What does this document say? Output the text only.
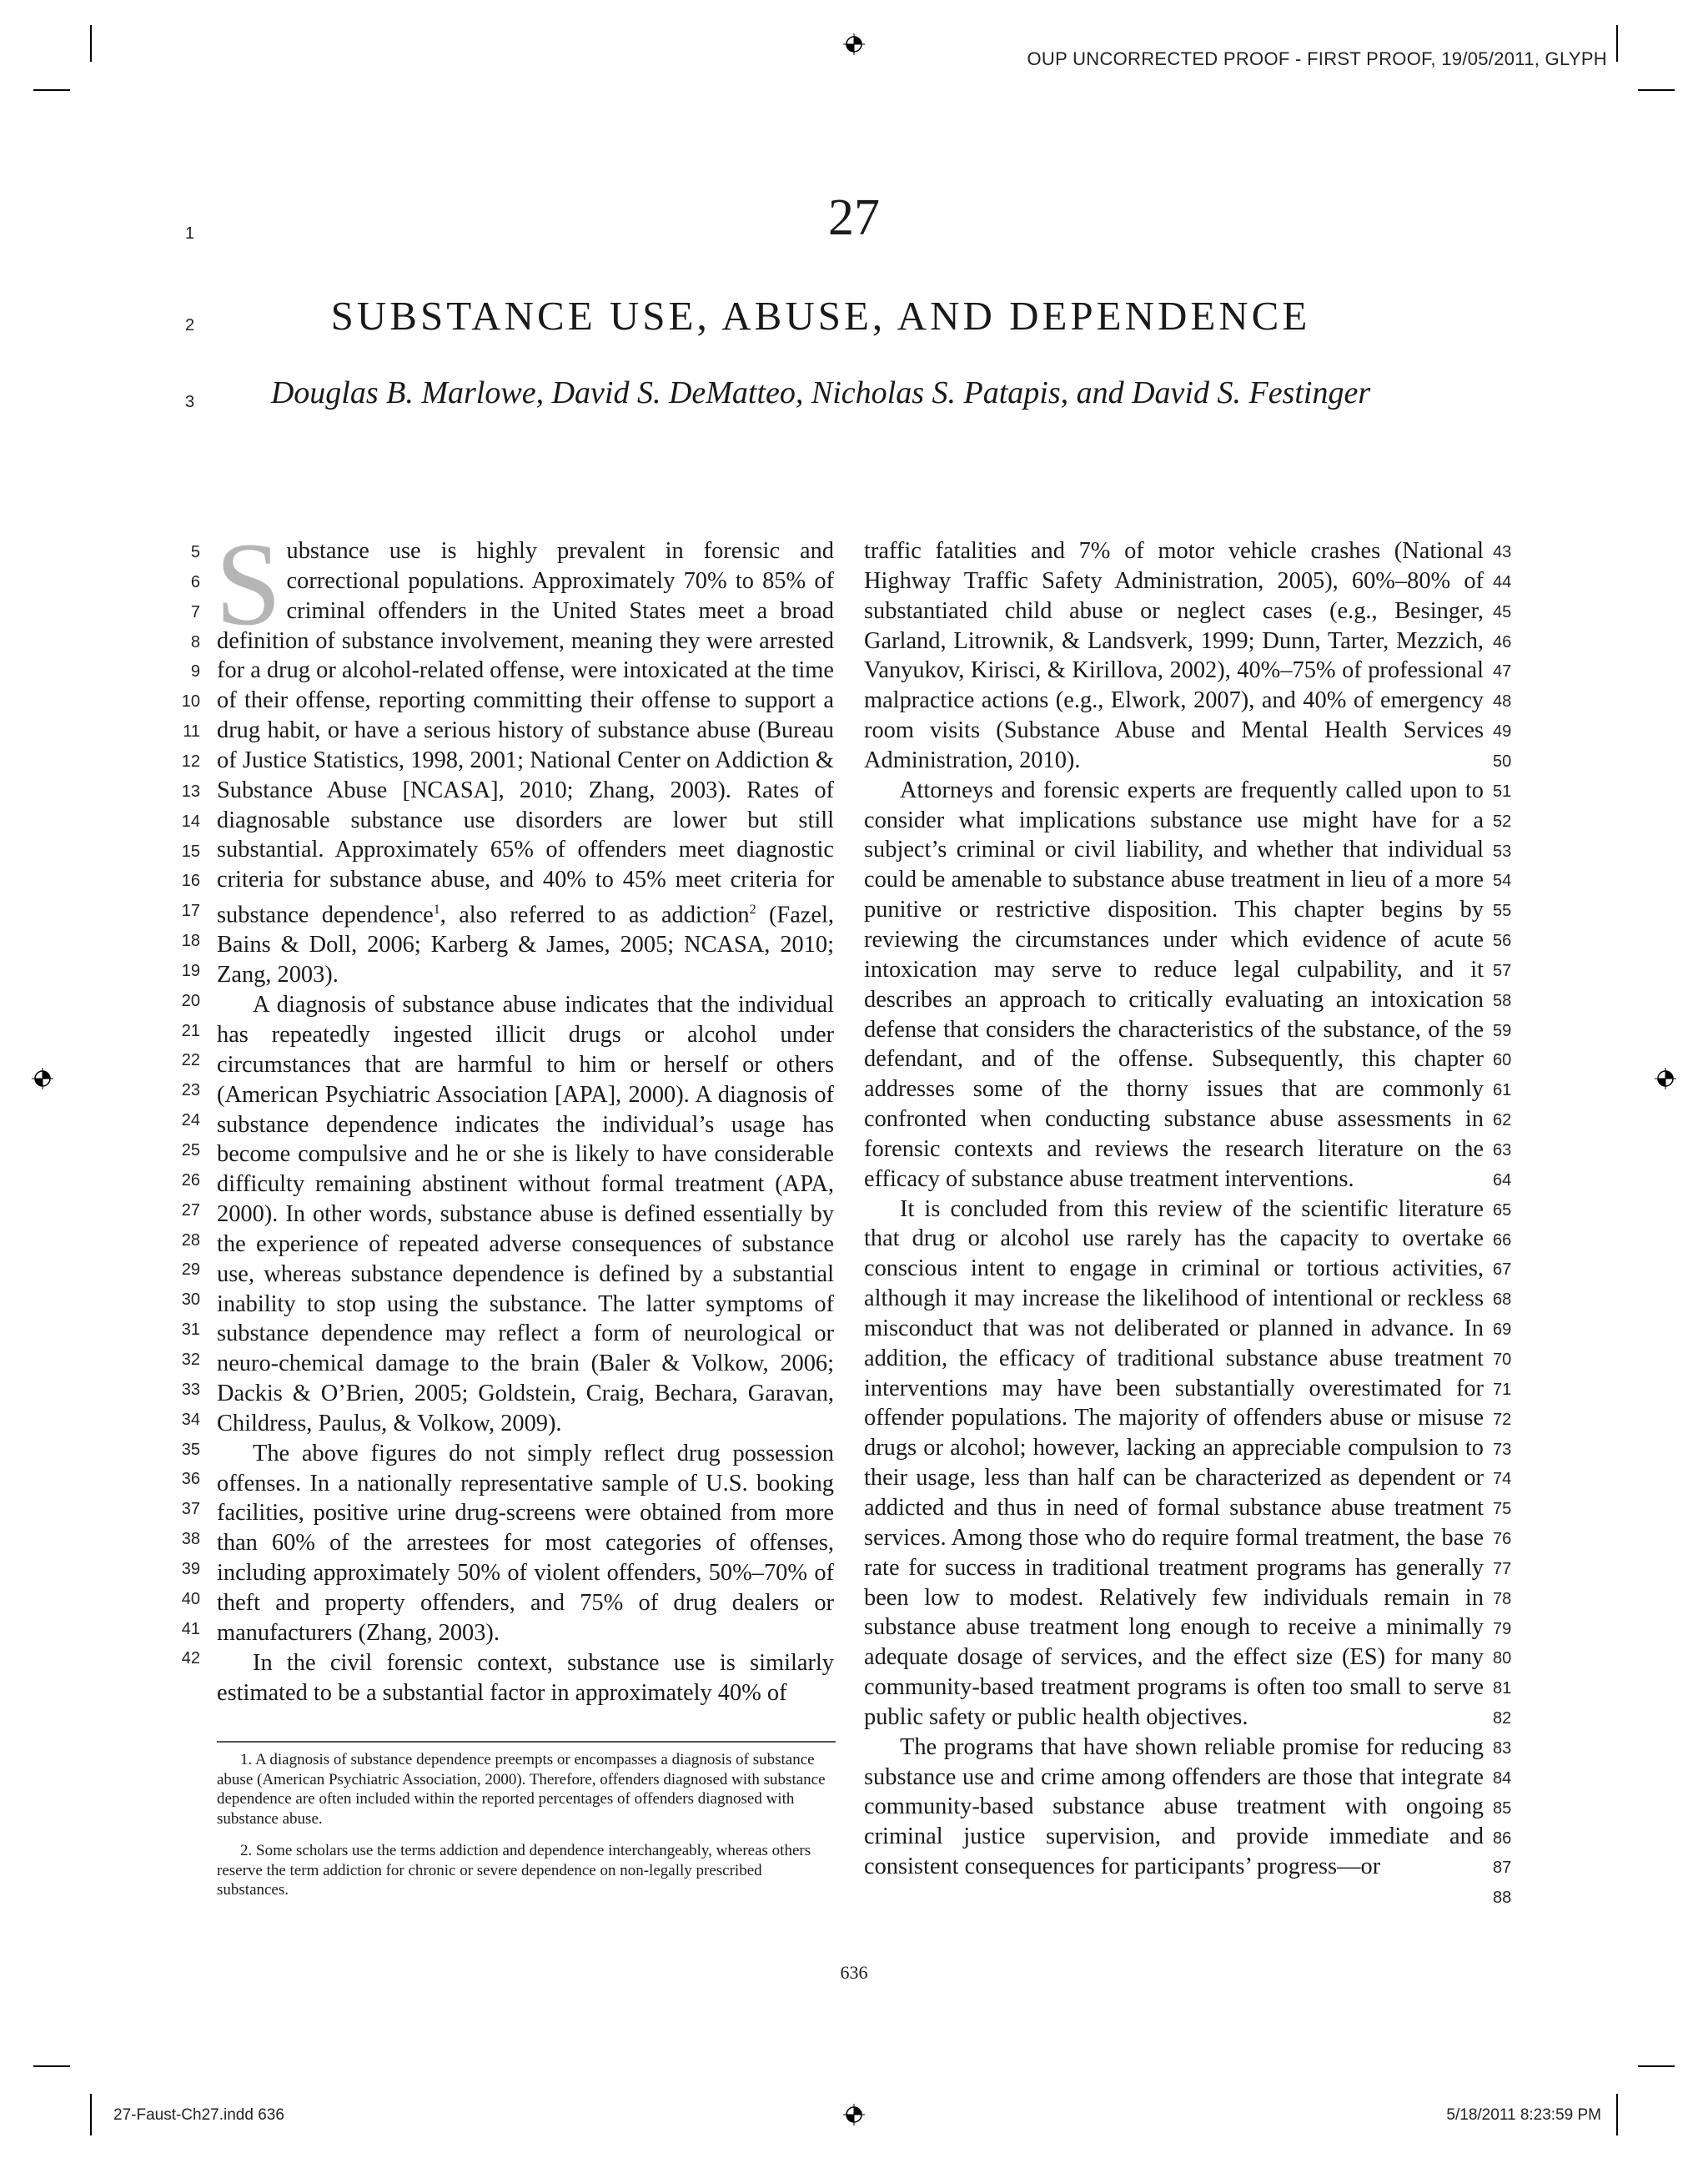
OUP UNCORRECTED PROOF - FIRST PROOF, 19/05/2011, GLYPH
27
SUBSTANCE USE, ABUSE, AND DEPENDENCE
Douglas B. Marlowe, David S. DeMatteo, Nicholas S. Patapis, and David S. Festinger
1
2
3
5
6
7
8
9
10
11
12
13
14
15
16
17
18
19
20
21
22
23
24
25
26
27
28
29
30
31
32
33
34
35
36
37
38
39
40
41
42
43
44
45
46
47
48
49
50
51
52
53
54
55
56
57
58
59
60
61
62
63
64
65
66
67
68
69
70
71
72
73
74
75
76
77
78
79
80
81
82
83
84
85
86
87
88

Substance use is highly prevalent in forensic and correctional populations. Approximately 70% to 85% of criminal offenders in the United States meet a broad definition of substance involvement, meaning they were arrested for a drug or alcohol-related offense, were intoxicated at the time of their offense, reporting committing their offense to support a drug habit, or have a serious history of substance abuse (Bureau of Justice Statistics, 1998, 2001; National Center on Addiction & Substance Abuse [NCASA], 2010; Zhang, 2003). Rates of diagnosable substance use disorders are lower but still substantial. Approximately 65% of offenders meet diagnostic criteria for substance abuse, and 40% to 45% meet criteria for substance dependence$^1$, also referred to as addiction$^2$ (Fazel, Bains & Doll, 2006; Karberg & James, 2005; NCASA, 2010; Zang, 2003).

A diagnosis of substance abuse indicates that the individual has repeatedly ingested illicit drugs or alcohol under circumstances that are harmful to him or herself or others (American Psychiatric Association [APA], 2000). A diagnosis of substance dependence indicates the individual’s usage has become compulsive and he or she is likely to have considerable difficulty remaining abstinent without formal treatment (APA, 2000). In other words, substance abuse is defined essentially by the experience of repeated adverse consequences of substance use, whereas substance dependence is defined by a substantial inability to stop using the substance. The latter symptoms of substance dependence may reflect a form of neurological or neuro-chemical damage to the brain (Baler & Volkow, 2006; Dackis & O’Brien, 2005; Goldstein, Craig, Bechara, Garavan, Childress, Paulus, & Volkow, 2009).

The above figures do not simply reflect drug possession offenses. In a nationally representative sample of U.S. booking facilities, positive urine drug-screens were obtained from more than 60% of the arrestees for most categories of offenses, including approximately 50% of violent offenders, 50%–70% of theft and property offenders, and 75% of drug dealers or manufacturers (Zhang, 2003).

In the civil forensic context, substance use is similarly estimated to be a substantial factor in approximately 40% of

traffic fatalities and 7% of motor vehicle crashes (National Highway Traffic Safety Administration, 2005), 60%–80% of substantiated child abuse or neglect cases (e.g., Besinger, Garland, Litrownik, & Landsverk, 1999; Dunn, Tarter, Mezzich, Vanyukov, Kirisci, & Kirillova, 2002), 40%–75% of professional malpractice actions (e.g., Elwork, 2007), and 40% of emergency room visits (Substance Abuse and Mental Health Services Administration, 2010).

Attorneys and forensic experts are frequently called upon to consider what implications substance use might have for a subject’s criminal or civil liability, and whether that individual could be amenable to substance abuse treatment in lieu of a more punitive or restrictive disposition. This chapter begins by reviewing the circumstances under which evidence of acute intoxication may serve to reduce legal culpability, and it describes an approach to critically evaluating an intoxication defense that considers the characteristics of the substance, of the defendant, and of the offense. Subsequently, this chapter addresses some of the thorny issues that are commonly confronted when conducting substance abuse assessments in forensic contexts and reviews the research literature on the efficacy of substance abuse treatment interventions.

It is concluded from this review of the scientific literature that drug or alcohol use rarely has the capacity to overtake conscious intent to engage in criminal or tortious activities, although it may increase the likelihood of intentional or reckless misconduct that was not deliberated or planned in advance. In addition, the efficacy of traditional substance abuse treatment interventions may have been substantially overestimated for offender populations. The majority of offenders abuse or misuse drugs or alcohol; however, lacking an appreciable compulsion to their usage, less than half can be characterized as dependent or addicted and thus in need of formal substance abuse treatment services. Among those who do require formal treatment, the base rate for success in traditional treatment programs has generally been low to modest. Relatively few individuals remain in substance abuse treatment long enough to receive a minimally adequate dosage of services, and the effect size (ES) for many community-based treatment programs is often too small to serve public safety or public health objectives.

The programs that have shown reliable promise for reducing substance use and crime among offenders are those that integrate community-based substance abuse treatment with ongoing criminal justice supervision, and provide immediate and consistent consequences for participants’ progress—or

1. A diagnosis of substance dependence preempts or encompasses a diagnosis of substance abuse (American Psychiatric Association, 2000). Therefore, offenders diagnosed with substance dependence are often included within the reported percentages of offenders diagnosed with substance abuse.

2. Some scholars use the terms addiction and dependence interchangeably, whereas others reserve the term addiction for chronic or severe dependence on non-legally prescribed substances.

636
27-Faust-Ch27.indd 636	5/18/2011 8:23:59 PM
